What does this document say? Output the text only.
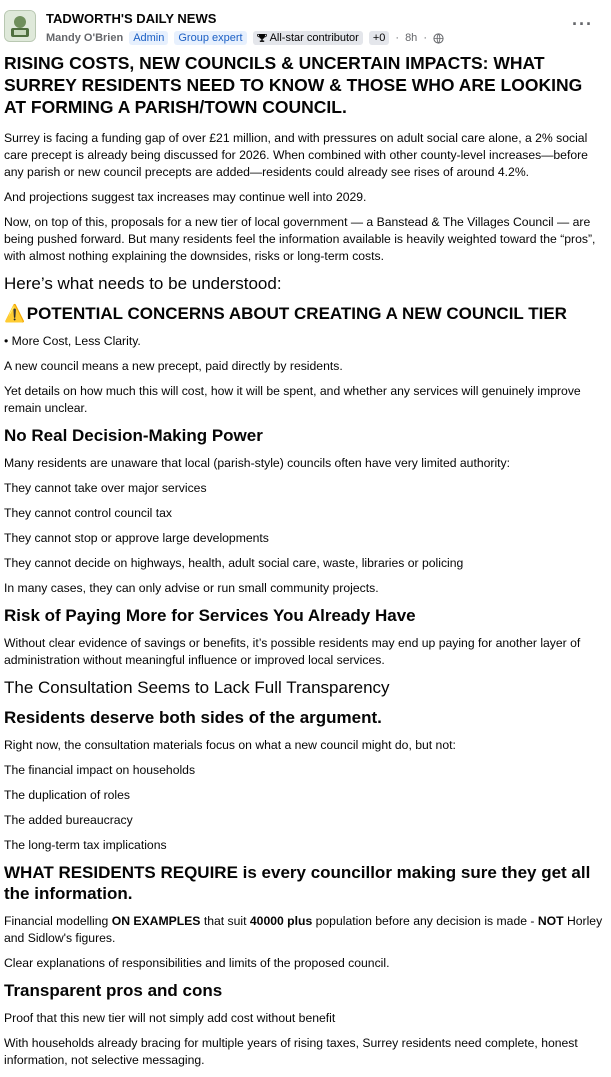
TADWORTH'S DAILY NEWS
Mandy O'Brien Admin	Group expert	All-star contributor	+0 · 8h ·
···
RISING COSTS, NEW COUNCILS & UNCERTAIN IMPACTS: WHAT SURREY RESIDENTS NEED TO KNOW & THOSE WHO ARE LOOKING AT FORMING A PARISH/TOWN COUNCIL.

Surrey is facing a funding gap of over £21 million, and with pressures on adult social care alone, a 2% social care precept is already being discussed for 2026. When combined with other county-level increases—before any parish or new council precepts are added—residents could already see rises of around 4.2%.

And projections suggest tax increases may continue well into 2029.

Now, on top of this, proposals for a new tier of local government — a Banstead & The Villages Council — are being pushed forward. But many residents feel the information available is heavily weighted toward the “pros”, with almost nothing explaining the downsides, risks or long-term costs.

Here’s what needs to be understood:
⚠️ POTENTIAL CONCERNS ABOUT CREATING A NEW COUNCIL TIER

• More Cost, Less Clarity.

A new council means a new precept, paid directly by residents.

Yet details on how much this will cost, how it will be spent, and whether any services will genuinely improve remain unclear.

No Real Decision-Making Power

Many residents are unaware that local (parish-style) councils often have very limited authority:

They cannot take over major services

They cannot control council tax

They cannot stop or approve large developments

They cannot decide on highways, health, adult social care, waste, libraries or policing

In many cases, they can only advise or run small community projects.

Risk of Paying More for Services You Already Have

Without clear evidence of savings or benefits, it’s possible residents may end up paying for another layer of administration without meaningful influence or improved local services.

The Consultation Seems to Lack Full Transparency
Residents deserve both sides of the argument.

Right now, the consultation materials focus on what a new council might do, but not:

The financial impact on households

The duplication of roles

The added bureaucracy

The long-term tax implications

WHAT RESIDENTS REQUIRE is every councillor making sure they get all the information.

Financial modelling ON EXAMPLES that suit 40000 plus population before any decision is made - NOT Horley and Sidlow's figures.

Clear explanations of responsibilities and limits of the proposed council.

Transparent pros and cons

Proof that this new tier will not simply add cost without benefit

With households already bracing for multiple years of rising taxes, Surrey residents need complete, honest information, not selective messaging.
